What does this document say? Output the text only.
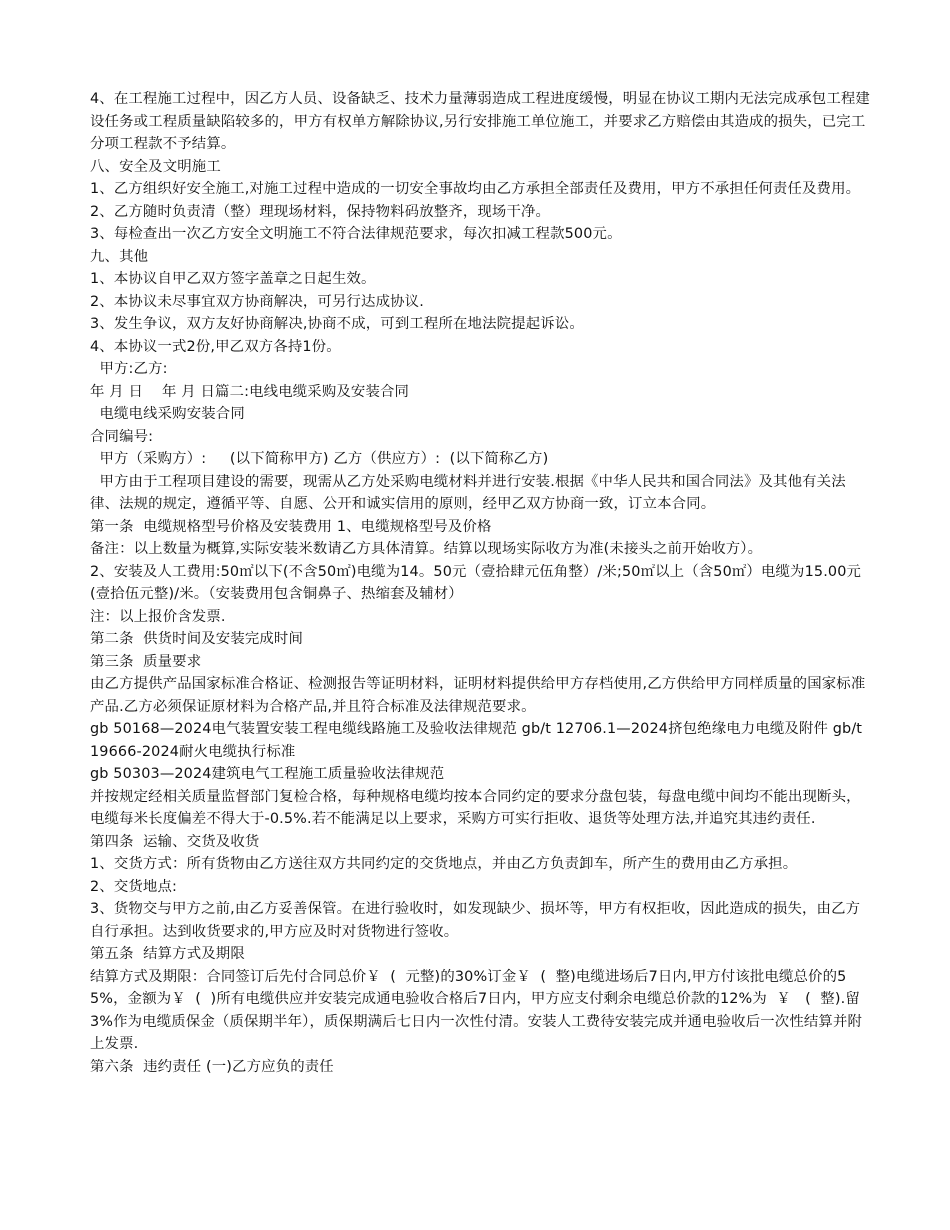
4、在工程施工过程中，因乙方人员、设备缺乏、技术力量薄弱造成工程进度缓慢，明显在协议工期内无法完成承包工程建设任务或工程质量缺陷较多的，甲方有权单方解除协议,另行安排施工单位施工，并要求乙方赔偿由其造成的损失，已完工分项工程款不予结算。

八、安全及文明施工

1、乙方组织好安全施工,对施工过程中造成的一切安全事故均由乙方承担全部责任及费用，甲方不承担任何责任及费用。

2、乙方随时负责清（整）理现场材料，保持物料码放整齐，现场干净。

3、每检查出一次乙方安全文明施工不符合法律规范要求，每次扣减工程款500元。

九、其他

1、本协议自甲乙双方签字盖章之日起生效。

2、本协议未尽事宜双方协商解决，可另行达成协议.

3、发生争议，双方友好协商解决,协商不成，可到工程所在地法院提起诉讼。

4、本协议一式2份,甲乙双方各持1份。

甲方:乙方:

年 月 日    年 月 日篇二:电线电缆采购及安装合同

电缆电线采购安装合同

合同编号:

甲方（采购方）:     (以下简称甲方) 乙方（供应方）:  (以下简称乙方)

甲方由于工程项目建设的需要，现需从乙方处采购电缆材料并进行安装.根据《中华人民共和国合同法》及其他有关法律、法规的规定，遵循平等、自愿、公开和诚实信用的原则，经甲乙双方协商一致，订立本合同。

第一条  电缆规格型号价格及安装费用 1、电缆规格型号及价格

备注：以上数量为概算,实际安装米数请乙方具体清算。结算以现场实际收方为准(未接头之前开始收方）。

2、安装及人工费用:50㎡以下(不含50㎡)电缆为14。50元（壹拾肆元伍角整）/米;50㎡以上（含50㎡）电缆为15.00元(壹拾伍元整)/米。（安装费用包含铜鼻子、热缩套及辅材）

注：以上报价含发票.

第二条  供货时间及安装完成时间

第三条  质量要求

由乙方提供产品国家标准合格证、检测报告等证明材料，证明材料提供给甲方存档使用,乙方供给甲方同样质量的国家标准产品.乙方必须保证原材料为合格产品,并且符合标准及法律规范要求。

gb 50168—2024电气装置安装工程电缆线路施工及验收法律规范 gb/t 12706.1—2024挤包绝缘电力电缆及附件 gb/t19666-2024耐火电缆执行标准

gb 50303—2024建筑电气工程施工质量验收法律规范

并按规定经相关质量监督部门复检合格，每种规格电缆均按本合同约定的要求分盘包装，每盘电缆中间均不能出现断头，电缆每米长度偏差不得大于-0.5%.若不能满足以上要求，采购方可实行拒收、退货等处理方法,并追究其违约责任.

第四条  运输、交货及收货

1、交货方式：所有货物由乙方送往双方共同约定的交货地点，并由乙方负责卸车，所产生的费用由乙方承担。

2、交货地点:

3、货物交与甲方之前,由乙方妥善保管。在进行验收时，如发现缺少、损坏等，甲方有权拒收，因此造成的损失，由乙方自行承担。达到收货要求的,甲方应及时对货物进行签收。

第五条  结算方式及期限

结算方式及期限：合同签订后先付合同总价￥  (  元整)的30%订金￥  (  整)电缆进场后7日内,甲方付该批电缆总价的55%，金额为￥  (  )所有电缆供应并安装完成通电验收合格后7日内，甲方应支付剩余电缆总价款的12%为  ￥   (  整).留3%作为电缆质保金（质保期半年），质保期满后七日内一次性付清。安装人工费待安装完成并通电验收后一次性结算并附上发票.

第六条  违约责任 (一)乙方应负的责任
